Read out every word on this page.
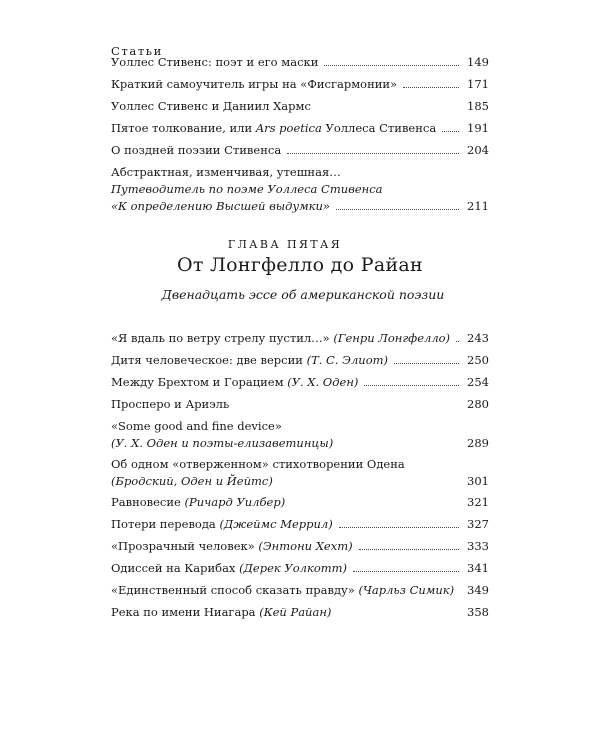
Статьи
Уоллес Стивенс: поэт и его маски	149
Краткий самоучитель игры на «Фисгармонии»	171
Уоллес Стивенс и Даниил Хармс	185
Пятое толкование, или Ars poetica Уоллеса Стивенса	191
О поздней поэзии Стивенса	204
Абстрактная, изменчивая, утешная…
Путеводитель по поэме Уоллеса Стивенса
«К определению Высшей выдумки»	211
ГЛАВА ПЯТАЯ
От Лонгфелло до Райан
Двенадцать эссе об американской поэзии
«Я вдаль по ветру стрелу пустил…» (Генри Лонгфелло) 243
Дитя человеческое: две версии (Т. С. Элиот)	250
Между Брехтом и Горацием (У. Х. Оден)	254
Просперо и Ариэль	280
«Some good and fine device»
(У. Х. Оден и поэты-елизаветинцы)	289
Об одном «отверженном» стихотворении Одена
(Бродский, Оден и Йейтс)	301
Равновесие (Ричард Уилбер)	321
Потери перевода (Джеймс Меррил)	327
«Прозрачный человек» (Энтони Хехт)	333
Одиссей на Карибах (Дерек Уолкотт)	341
«Единственный способ сказать правду» (Чарльз Симик) 349
Река по имени Ниагара (Кей Райан)	358
